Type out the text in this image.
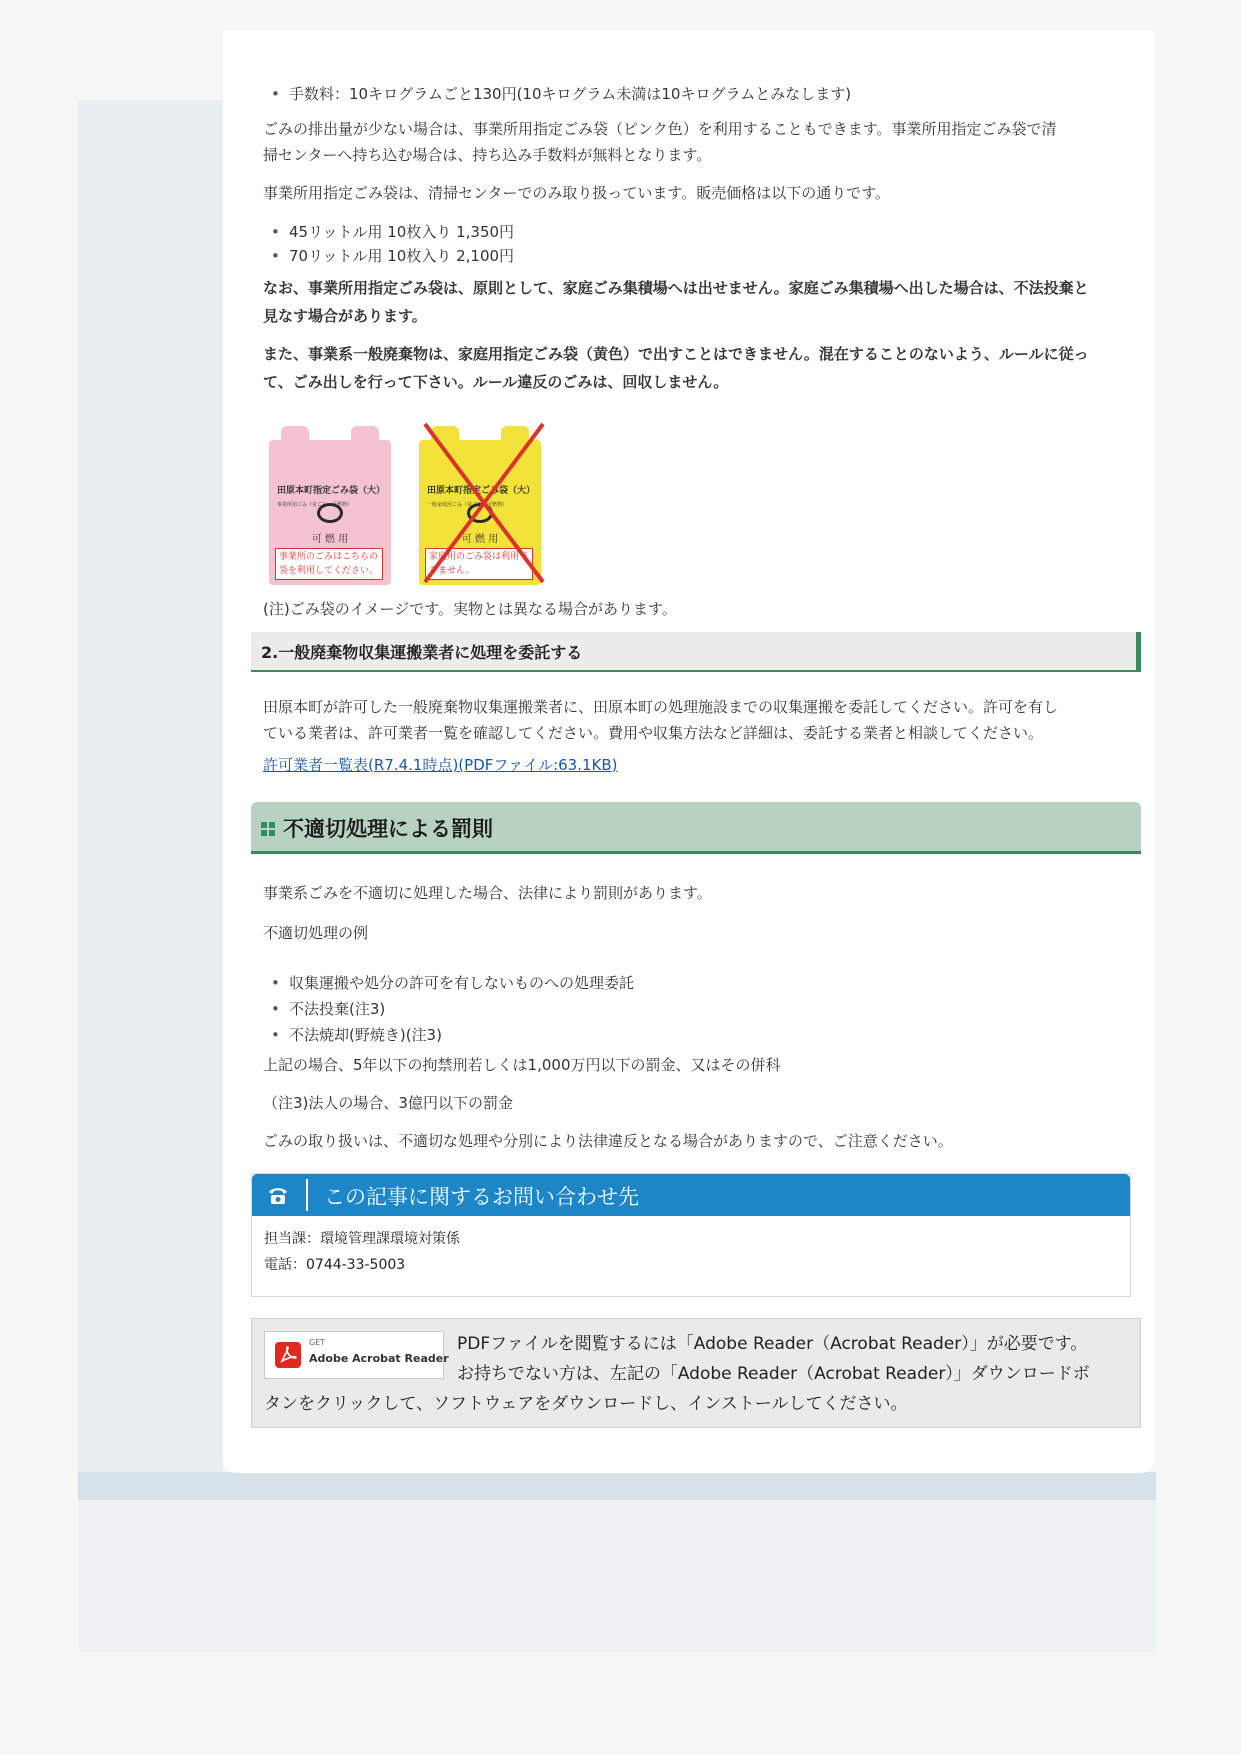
• 手数料：10キログラムごと130円(10キログラム未満は10キログラムとみなします)

ごみの排出量が少ない場合は、事業所用指定ごみ袋（ピンク色）を利用することもできます。事業所用指定ごみ袋で清
掃センターへ持ち込む場合は、持ち込み手数料が無料となります。

事業所用指定ごみ袋は、清掃センターでのみ取り扱っています。販売価格は以下の通りです。

• 45リットル用 10枚入り 1,350円
• 70リットル用 10枚入り 2,100円

なお、事業所用指定ごみ袋は、原則として、家庭ごみ集積場へは出せません。家庭ごみ集積場へ出した場合は、不法投棄と
見なす場合があります。

また、事業系一般廃棄物は、家庭用指定ごみ袋（黄色）で出すことはできません。混在することのないよう、ルールに従っ
て、ごみ出しを行って下さい。ルール違反のごみは、回収しません。

田原本町指定ごみ袋（大）
事業所用ごみ（並ごみ・可燃物）
可 燃 用
事業所のごみはこちらの袋を利用してください。
田原本町指定ごみ袋（大）
一般家庭用ごみ（並ごみ・可燃物）
可 燃 用
家庭用のごみ袋は利用できません。

(注)ごみ袋のイメージです。実物とは異なる場合があります。

2.一般廃棄物収集運搬業者に処理を委託する

田原本町が許可した一般廃棄物収集運搬業者に、田原本町の処理施設までの収集運搬を委託してください。許可を有し
ている業者は、許可業者一覧を確認してください。費用や収集方法など詳細は、委託する業者と相談してください。

許可業者一覧表(R7.4.1時点)(PDFファイル:63.1KB)
不適切処理による罰則

事業系ごみを不適切に処理した場合、法律により罰則があります。

不適切処理の例

• 収集運搬や処分の許可を有しないものへの処理委託
• 不法投棄(注3)
• 不法焼却(野焼き)(注3)

上記の場合、5年以下の拘禁刑若しくは1,000万円以下の罰金、又はその併科

（注3)法人の場合、3億円以下の罰金

ごみの取り扱いは、不適切な処理や分別により法律違反となる場合がありますので、ご注意ください。

この記事に関するお問い合わせ先
担当課：環境管理課環境対策係
電話：0744-33-5003
GET
Adobe Acrobat Reader
PDFファイルを閲覧するには「Adobe Reader（Acrobat Reader）」が必要です。
お持ちでない方は、左記の「Adobe Reader（Acrobat Reader）」ダウンロードボ
タンをクリックして、ソフトウェアをダウンロードし、インストールしてください。
